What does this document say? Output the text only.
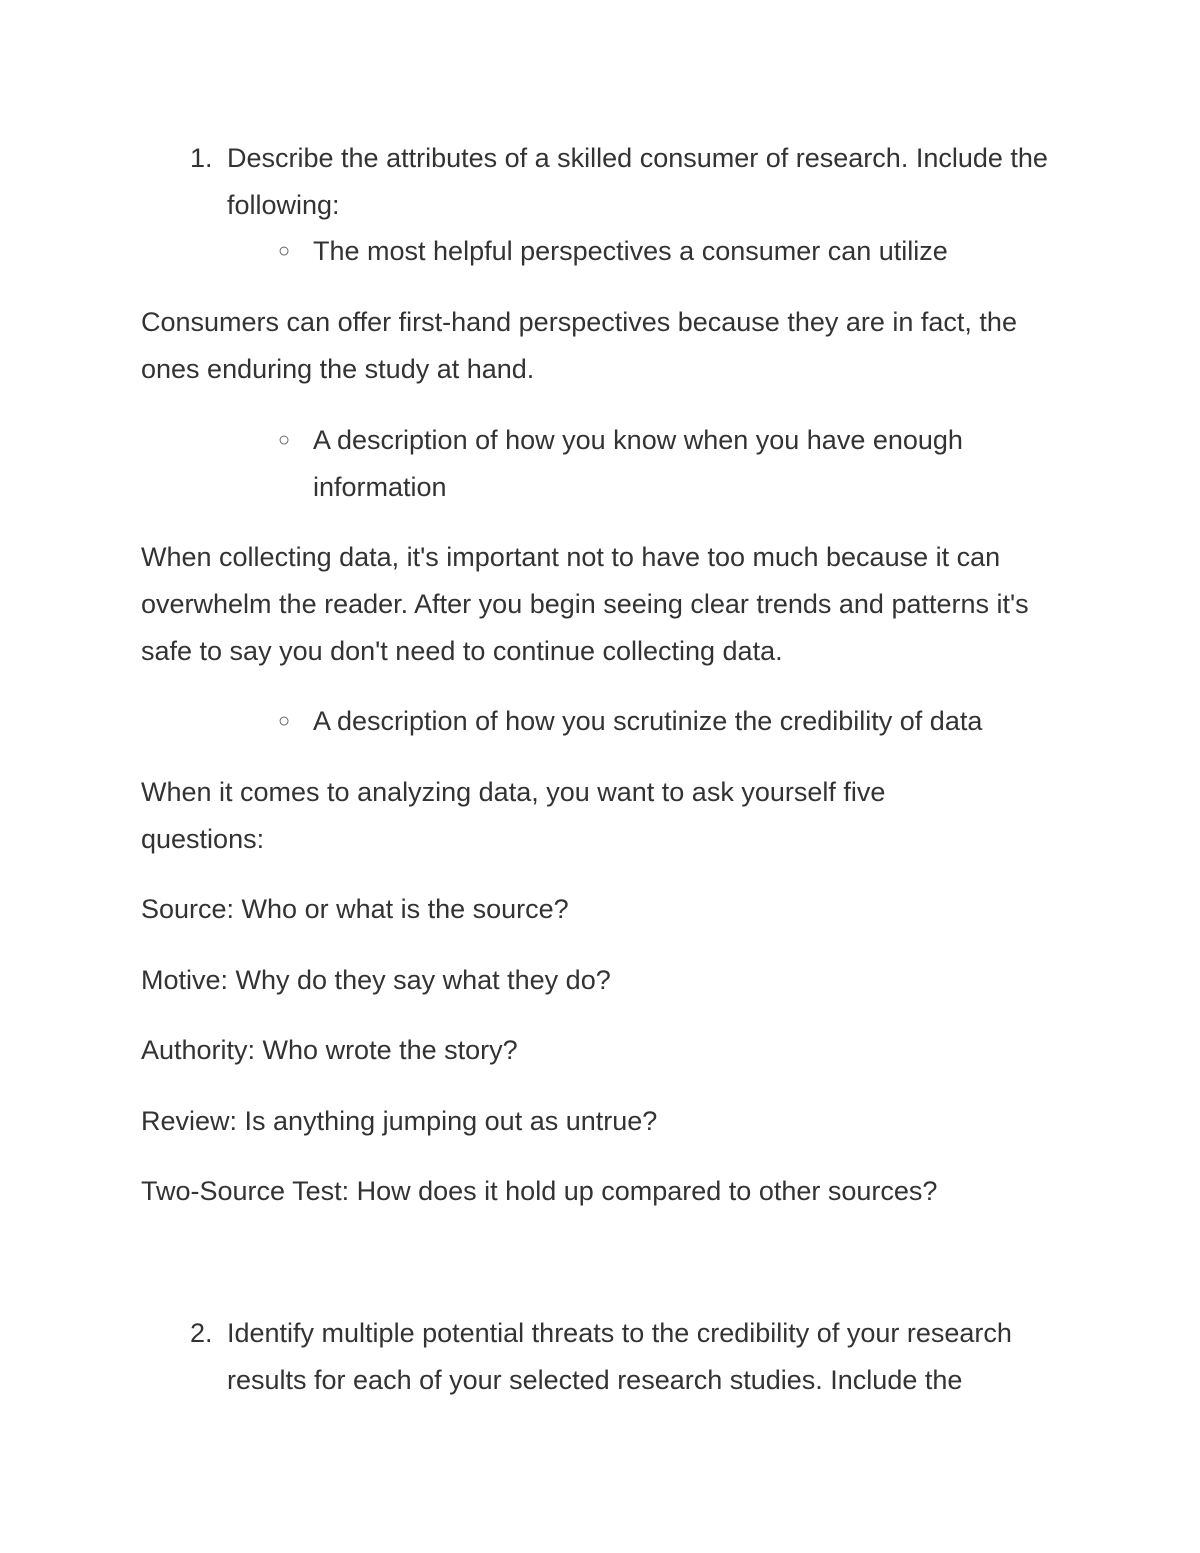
1. Describe the attributes of a skilled consumer of research. Include the following:
○ The most helpful perspectives a consumer can utilize

Consumers can offer first-hand perspectives because they are in fact, the ones enduring the study at hand.

○ A description of how you know when you have enough information

When collecting data, it's important not to have too much because it can overwhelm the reader. After you begin seeing clear trends and patterns it's safe to say you don't need to continue collecting data.

○ A description of how you scrutinize the credibility of data

When it comes to analyzing data, you want to ask yourself five questions:

Source: Who or what is the source?

Motive: Why do they say what they do?

Authority: Who wrote the story?

Review: Is anything jumping out as untrue?

Two-Source Test: How does it hold up compared to other sources?

2. Identify multiple potential threats to the credibility of your research results for each of your selected research studies. Include the
